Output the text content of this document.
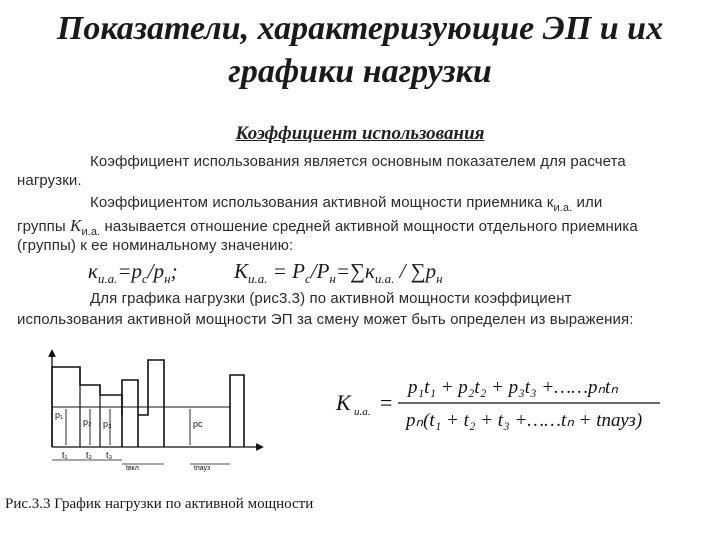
Показатели, характеризующие ЭП и их
графики нагрузки
Коэффициент использования
Коэффициент использования является основным показателем для расчета
нагрузки.
Коэффициентом использования активной мощности приемника $к_{и.а.}$ или
группы $К_{и.а.}$ называется отношение средней активной мощности отдельного приемника
(группы) к ее номинальному значению:
$к_{и.а.}=р_с/р_н$;	$К_{и.а.} = Р_с/Р_н=\sum к_{и.а.} / \sum р_н$
Для графика нагрузки (рис3.3) по активной мощности коэффициент
использования активной мощности ЭП за смену может быть определен из выражения:
p₁
p₂ p₃	pс
t₁ t₂ t₃
tвкл	tпауз
К и.а. =
p₁t₁ + p₂t₂ + p₃t₃ +……pₙtₙ
pₙ(t₁ + t₂ + t₃ +……tₙ + tпауз)
Рис.3.3 График нагрузки по активной мощности
